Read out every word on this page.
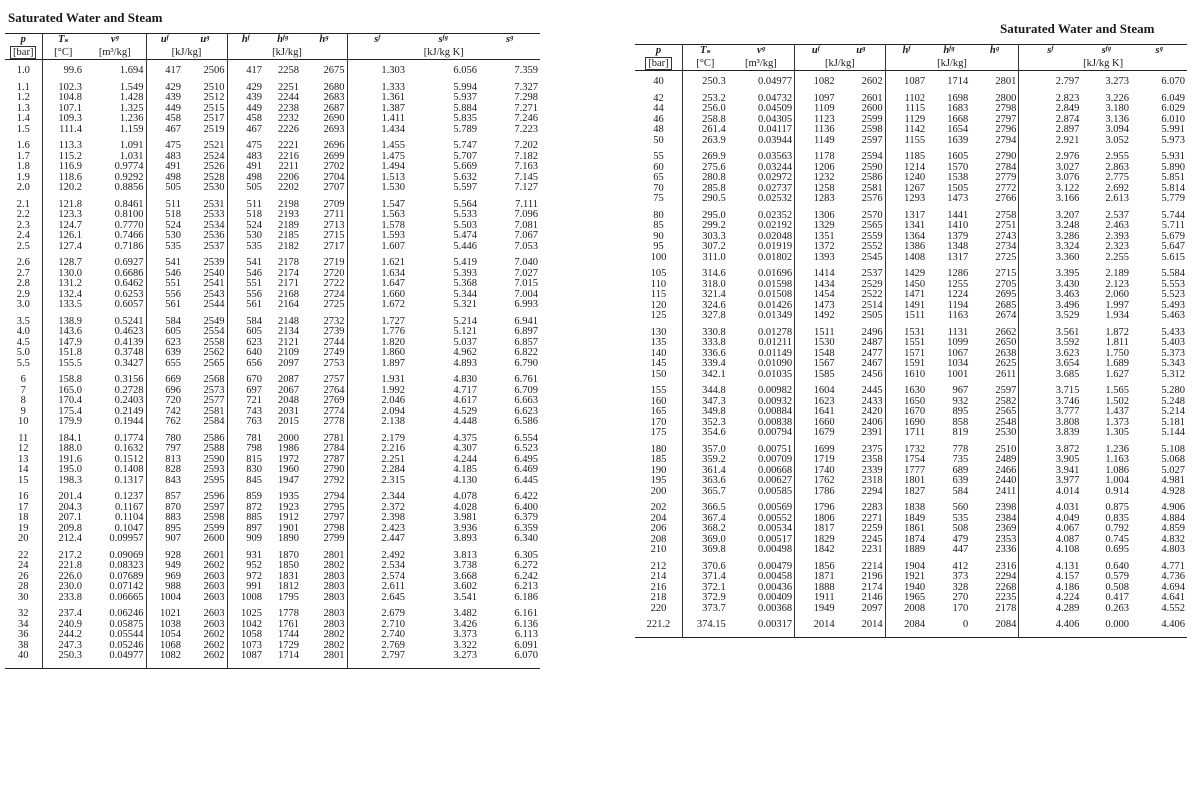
Saturated Water and Steam
p	Tₛ	vᵍ	uᶠ	uᵍ	hᶠ	hᶠᵍ	hᵍ	sᶠ	sᶠᵍ	sᵍ
[bar]	[°C]	[m³/kg]	[kJ/kg]		[kJ/kg]			[kJ/kg K]		

1.0	99.6	1.694	417	2506	417	2258	2675	1.303	6.056	7.359

1.1	102.3	1.549	429	2510	429	2251	2680	1.333	5.994	7.327
1.2	104.8	1.428	439	2512	439	2244	2683	1.361	5.937	7.298
1.3	107.1	1.325	449	2515	449	2238	2687	1.387	5.884	7.271
1.4	109.3	1.236	458	2517	458	2232	2690	1.411	5.835	7.246
1.5	111.4	1.159	467	2519	467	2226	2693	1.434	5.789	7.223

1.6	113.3	1.091	475	2521	475	2221	2696	1.455	5.747	7.202
1.7	115.2	1.031	483	2524	483	2216	2699	1.475	5.707	7.182
1.8	116.9	0.9774	491	2526	491	2211	2702	1.494	5.669	7.163
1.9	118.6	0.9292	498	2528	498	2206	2704	1.513	5.632	7.145
2.0	120.2	0.8856	505	2530	505	2202	2707	1.530	5.597	7.127

2.1	121.8	0.8461	511	2531	511	2198	2709	1.547	5.564	7.111
2.2	123.3	0.8100	518	2533	518	2193	2711	1.563	5.533	7.096
2.3	124.7	0.7770	524	2534	524	2189	2713	1.578	5.503	7.081
2.4	126.1	0.7466	530	2536	530	2185	2715	1.593	5.474	7.067
2.5	127.4	0.7186	535	2537	535	2182	2717	1.607	5.446	7.053

2.6	128.7	0.6927	541	2539	541	2178	2719	1.621	5.419	7.040
2.7	130.0	0.6686	546	2540	546	2174	2720	1.634	5.393	7.027
2.8	131.2	0.6462	551	2541	551	2171	2722	1.647	5.368	7.015
2.9	132.4	0.6253	556	2543	556	2168	2724	1.660	5.344	7.004
3.0	133.5	0.6057	561	2544	561	2164	2725	1.672	5.321	6.993

3.5	138.9	0.5241	584	2549	584	2148	2732	1.727	5.214	6.941
4.0	143.6	0.4623	605	2554	605	2134	2739	1.776	5.121	6.897
4.5	147.9	0.4139	623	2558	623	2121	2744	1.820	5.037	6.857
5.0	151.8	0.3748	639	2562	640	2109	2749	1.860	4.962	6.822
5.5	155.5	0.3427	655	2565	656	2097	2753	1.897	4.893	6.790

6	158.8	0.3156	669	2568	670	2087	2757	1.931	4.830	6.761
7	165.0	0.2728	696	2573	697	2067	2764	1.992	4.717	6.709
8	170.4	0.2403	720	2577	721	2048	2769	2.046	4.617	6.663
9	175.4	0.2149	742	2581	743	2031	2774	2.094	4.529	6.623
10	179.9	0.1944	762	2584	763	2015	2778	2.138	4.448	6.586

11	184.1	0.1774	780	2586	781	2000	2781	2.179	4.375	6.554
12	188.0	0.1632	797	2588	798	1986	2784	2.216	4.307	6.523
13	191.6	0.1512	813	2590	815	1972	2787	2.251	4.244	6.495
14	195.0	0.1408	828	2593	830	1960	2790	2.284	4.185	6.469
15	198.3	0.1317	843	2595	845	1947	2792	2.315	4.130	6.445

16	201.4	0.1237	857	2596	859	1935	2794	2.344	4.078	6.422
17	204.3	0.1167	870	2597	872	1923	2795	2.372	4.028	6.400
18	207.1	0.1104	883	2598	885	1912	2797	2.398	3.981	6.379
19	209.8	0.1047	895	2599	897	1901	2798	2.423	3.936	6.359
20	212.4	0.09957	907	2600	909	1890	2799	2.447	3.893	6.340

22	217.2	0.09069	928	2601	931	1870	2801	2.492	3.813	6.305
24	221.8	0.08323	949	2602	952	1850	2802	2.534	3.738	6.272
26	226.0	0.07689	969	2603	972	1831	2803	2.574	3.668	6.242
28	230.0	0.07142	988	2603	991	1812	2803	2.611	3.602	6.213
30	233.8	0.06665	1004	2603	1008	1795	2803	2.645	3.541	6.186

32	237.4	0.06246	1021	2603	1025	1778	2803	2.679	3.482	6.161
34	240.9	0.05875	1038	2603	1042	1761	2803	2.710	3.426	6.136
36	244.2	0.05544	1054	2602	1058	1744	2802	2.740	3.373	6.113
38	247.3	0.05246	1068	2602	1073	1729	2802	2.769	3.322	6.091
40	250.3	0.04977	1082	2602	1087	1714	2801	2.797	3.273	6.070

Saturated Water and Steam
p	Tₛ	vᵍ	uᶠ	uᵍ	hᶠ	hᶠᵍ	hᵍ	sᶠ	sᶠᵍ	sᵍ
[bar]	[°C]	[m³/kg]	[kJ/kg]		[kJ/kg]			[kJ/kg K]		

40	250.3	0.04977	1082	2602	1087	1714	2801	2.797	3.273	6.070

42	253.2	0.04732	1097	2601	1102	1698	2800	2.823	3.226	6.049
44	256.0	0.04509	1109	2600	1115	1683	2798	2.849	3.180	6.029
46	258.8	0.04305	1123	2599	1129	1668	2797	2.874	3.136	6.010
48	261.4	0.04117	1136	2598	1142	1654	2796	2.897	3.094	5.991
50	263.9	0.03944	1149	2597	1155	1639	2794	2.921	3.052	5.973

55	269.9	0.03563	1178	2594	1185	1605	2790	2.976	2.955	5.931
60	275.6	0.03244	1206	2590	1214	1570	2784	3.027	2.863	5.890
65	280.8	0.02972	1232	2586	1240	1538	2779	3.076	2.775	5.851
70	285.8	0.02737	1258	2581	1267	1505	2772	3.122	2.692	5.814
75	290.5	0.02532	1283	2576	1293	1473	2766	3.166	2.613	5.779

80	295.0	0.02352	1306	2570	1317	1441	2758	3.207	2.537	5.744
85	299.2	0.02192	1329	2565	1341	1410	2751	3.248	2.463	5.711
90	303.3	0.02048	1351	2559	1364	1379	2743	3.286	2.393	5.679
95	307.2	0.01919	1372	2552	1386	1348	2734	3.324	2.323	5.647
100	311.0	0.01802	1393	2545	1408	1317	2725	3.360	2.255	5.615

105	314.6	0.01696	1414	2537	1429	1286	2715	3.395	2.189	5.584
110	318.0	0.01598	1434	2529	1450	1255	2705	3.430	2.123	5.553
115	321.4	0.01508	1454	2522	1471	1224	2695	3.463	2.060	5.523
120	324.6	0.01426	1473	2514	1491	1194	2685	3.496	1.997	5.493
125	327.8	0.01349	1492	2505	1511	1163	2674	3.529	1.934	5.463

130	330.8	0.01278	1511	2496	1531	1131	2662	3.561	1.872	5.433
135	333.8	0.01211	1530	2487	1551	1099	2650	3.592	1.811	5.403
140	336.6	0.01149	1548	2477	1571	1067	2638	3.623	1.750	5.373
145	339.4	0.01090	1567	2467	1591	1034	2625	3.654	1.689	5.343
150	342.1	0.01035	1585	2456	1610	1001	2611	3.685	1.627	5.312

155	344.8	0.00982	1604	2445	1630	967	2597	3.715	1.565	5.280
160	347.3	0.00932	1623	2433	1650	932	2582	3.746	1.502	5.248
165	349.8	0.00884	1641	2420	1670	895	2565	3.777	1.437	5.214
170	352.3	0.00838	1660	2406	1690	858	2548	3.808	1.373	5.181
175	354.6	0.00794	1679	2391	1711	819	2530	3.839	1.305	5.144

180	357.0	0.00751	1699	2375	1732	778	2510	3.872	1.236	5.108
185	359.2	0.00709	1719	2358	1754	735	2489	3.905	1.163	5.068
190	361.4	0.00668	1740	2339	1777	689	2466	3.941	1.086	5.027
195	363.6	0.00627	1762	2318	1801	639	2440	3.977	1.004	4.981
200	365.7	0.00585	1786	2294	1827	584	2411	4.014	0.914	4.928

202	366.5	0.00569	1796	2283	1838	560	2398	4.031	0.875	4.906
204	367.4	0.00552	1806	2271	1849	535	2384	4.049	0.835	4.884
206	368.2	0.00534	1817	2259	1861	508	2369	4.067	0.792	4.859
208	369.0	0.00517	1829	2245	1874	479	2353	4.087	0.745	4.832
210	369.8	0.00498	1842	2231	1889	447	2336	4.108	0.695	4.803

212	370.6	0.00479	1856	2214	1904	412	2316	4.131	0.640	4.771
214	371.4	0.00458	1871	2196	1921	373	2294	4.157	0.579	4.736
216	372.1	0.00436	1888	2174	1940	328	2268	4.186	0.508	4.694
218	372.9	0.00409	1911	2146	1965	270	2235	4.224	0.417	4.641
220	373.7	0.00368	1949	2097	2008	170	2178	4.289	0.263	4.552

221.2	374.15	0.00317	2014	2014	2084	0	2084	4.406	0.000	4.406
